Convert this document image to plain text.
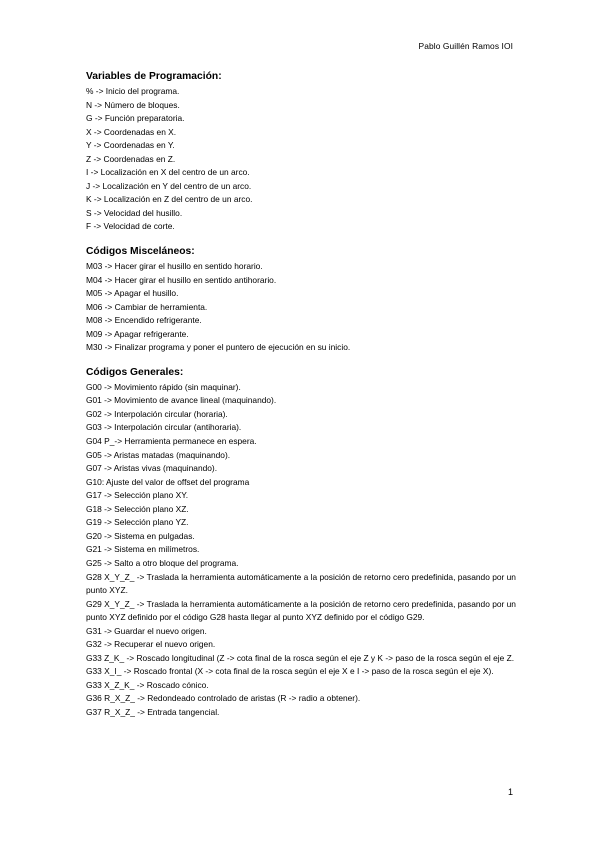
Pablo Guillén Ramos IOI
Variables de Programación:
% -> Inicio del programa.
N -> Número de bloques.
G -> Función preparatoria.
X -> Coordenadas en X.
Y -> Coordenadas en Y.
Z -> Coordenadas en Z.
I -> Localización en X del centro de un arco.
J -> Localización en Y del centro de un arco.
K -> Localización en Z del centro de un arco.
S -> Velocidad del husillo.
F -> Velocidad de corte.
Códigos Misceláneos:
M03 -> Hacer girar el husillo en sentido horario.
M04 -> Hacer girar el husillo en sentido antihorario.
M05 -> Apagar el husillo.
M06 -> Cambiar de herramienta.
M08 -> Encendido refrigerante.
M09 -> Apagar refrigerante.
M30 -> Finalizar programa y poner el puntero de ejecución en su inicio.
Códigos Generales:
G00 -> Movimiento rápido (sin maquinar).
G01 -> Movimiento de avance lineal (maquinando).
G02 -> Interpolación circular (horaria).
G03 -> Interpolación circular (antihoraria).
G04 P_-> Herramienta permanece en espera.
G05 -> Aristas matadas (maquinando).
G07 -> Aristas vivas (maquinando).
G10: Ajuste del valor de offset del programa
G17 -> Selección plano XY.
G18 -> Selección plano XZ.
G19 -> Selección plano YZ.
G20 -> Sistema en pulgadas.
G21 -> Sistema en milímetros.
G25 -> Salto a otro bloque del programa.
G28 X_Y_Z_ -> Traslada la herramienta automáticamente a la posición de retorno cero predefinida, pasando por un punto XYZ.
G29 X_Y_Z_ -> Traslada la herramienta automáticamente a la posición de retorno cero predefinida, pasando por un punto XYZ definido por el código G28 hasta llegar al punto XYZ definido por el código G29.
G31 -> Guardar el nuevo origen.
G32 -> Recuperar el nuevo origen.
G33 Z_K_ -> Roscado longitudinal (Z -> cota final de la rosca según el eje Z y K -> paso de la rosca según el eje Z.
G33 X_I_ -> Roscado frontal (X -> cota final de la rosca según el eje X e I -> paso de la rosca según el eje X).
G33 X_Z_K_ -> Roscado cónico.
G36 R_X_Z_ -> Redondeado controlado de aristas (R -> radio a obtener).
G37 R_X_Z_ -> Entrada tangencial.
1
